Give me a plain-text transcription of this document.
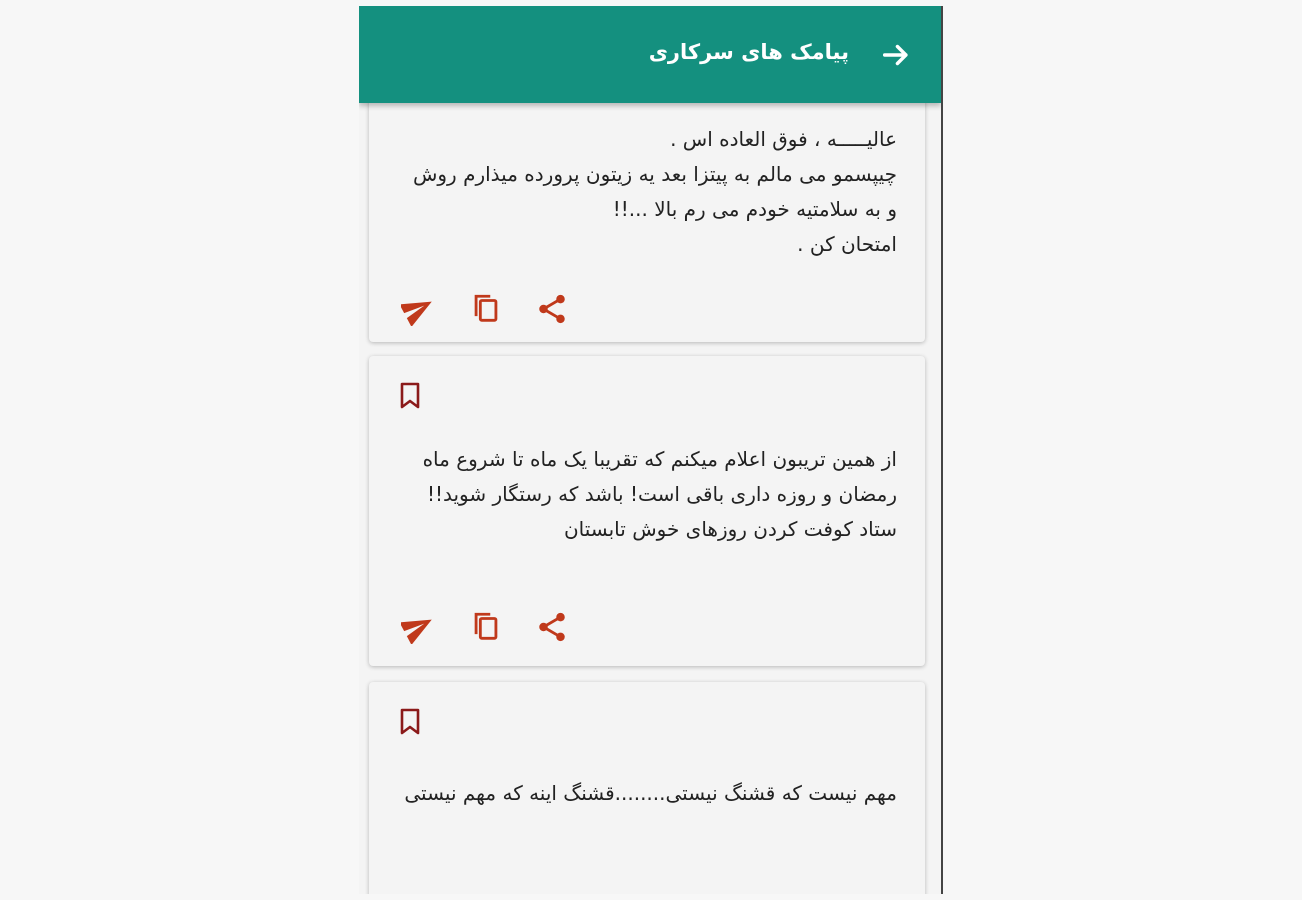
پیامک های سرکاری
عالیـــــه ، فوق العاده اس .
چیپسمو می مالم به پیتزا بعد یه زیتون پرورده میذارم روش و به سلامتیه خودم می رم بالا ...!!
امتحان کن .
از همین تریبون اعلام میکنم که تقریبا یک ماه تا شروع ماه رمضان و روزه داری باقی است! باشد که رستگار شوید!!
ستاد کوفت کردن روزهای خوش تابستان
مهم نیست که قشنگ نیستی........قشنگ اینه که مهم نیستی
